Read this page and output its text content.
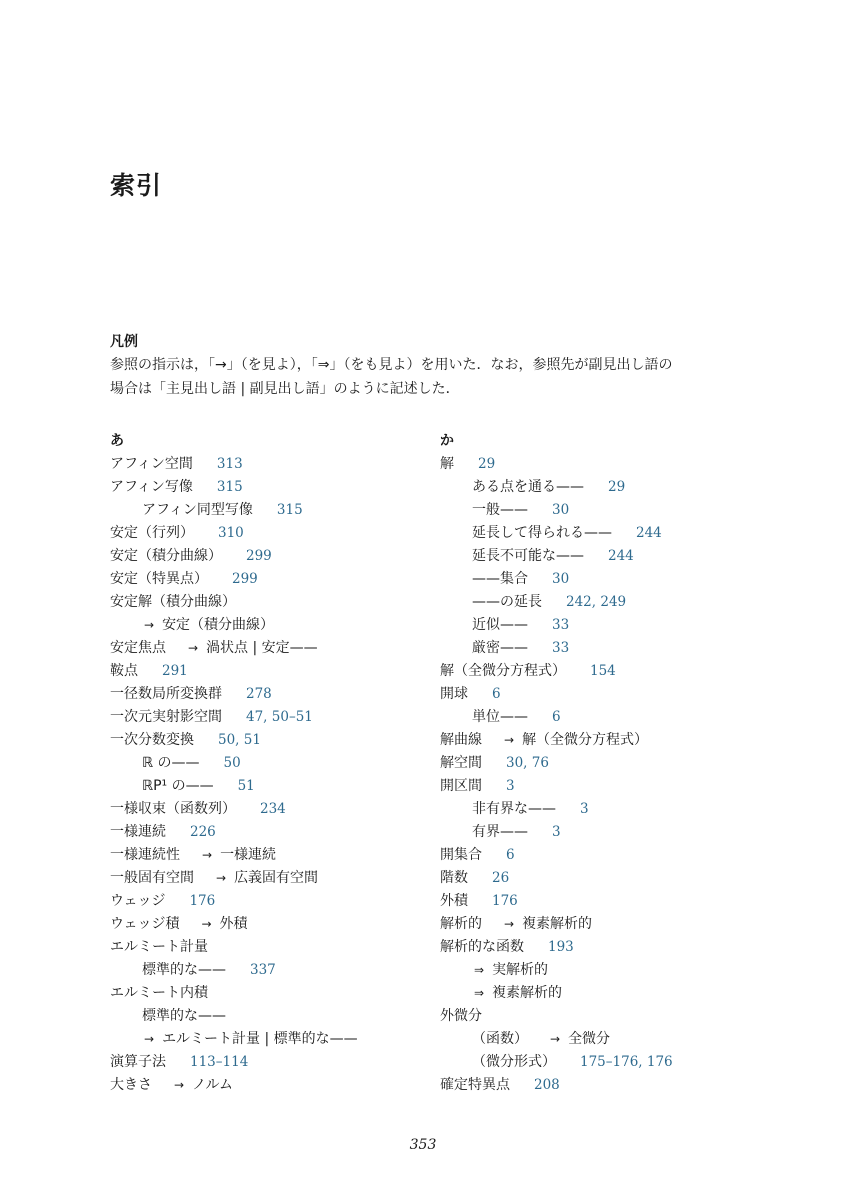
索引
凡例
参照の指示は，「→」（を見よ），「⇒」（をも見よ）を用いた．なお，参照先が副見出し語の
場合は「主見出し語 | 副見出し語」のように記述した．
あ
アフィン空間 313
アフィン写像 315
アフィン同型写像 315
安定（行列） 310
安定（積分曲線） 299
安定（特異点） 299
安定解（積分曲線）
→ 安定（積分曲線）
安定焦点 → 渦状点 | 安定——
鞍点 291
一径数局所変換群 278
一次元実射影空間 47, 50–51
一次分数変換 50, 51
ℝ の—— 50
ℝP¹ の—— 51
一様収束（函数列） 234
一様連続 226
一様連続性 → 一様連続
一般固有空間 → 広義固有空間
ウェッジ 176
ウェッジ積 → 外積
エルミート計量
標準的な—— 337
エルミート内積
標準的な——
→ エルミート計量 | 標準的な——
演算子法 113–114
大きさ → ノルム
か
解 29
ある点を通る—— 29
一般—— 30
延長して得られる—— 244
延長不可能な—— 244
——集合 30
——の延長 242, 249
近似—— 33
厳密—— 33
解（全微分方程式） 154
開球 6
単位—— 6
解曲線 → 解（全微分方程式）
解空間 30, 76
開区間 3
非有界な—— 3
有界—— 3
開集合 6
階数 26
外積 176
解析的 → 複素解析的
解析的な函数 193
⇒ 実解析的
⇒ 複素解析的
外微分
（函数） → 全微分
（微分形式） 175–176, 176
確定特異点 208
353
